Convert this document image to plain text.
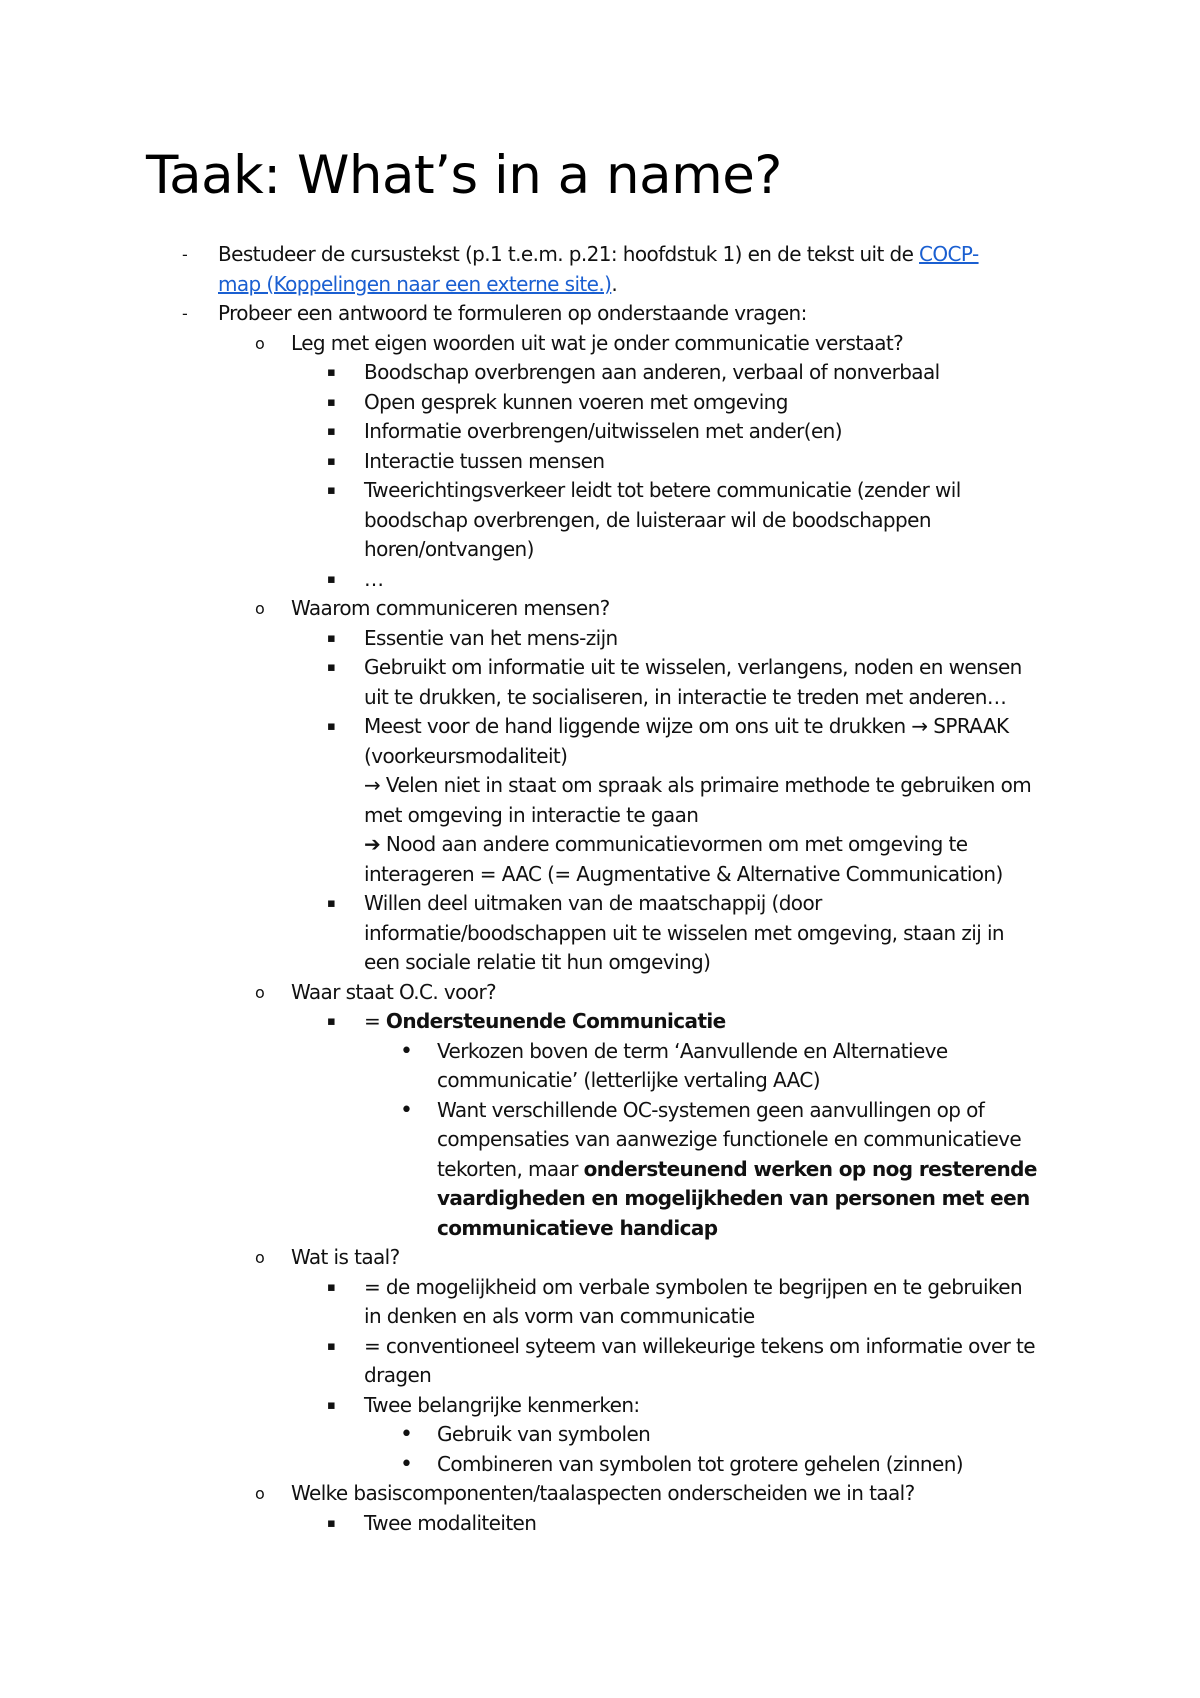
Taak: What’s in a name?
- Bestudeer de cursustekst (p.1 t.e.m. p.21: hoofdstuk 1) en de tekst uit de COCP-

map (Koppelingen naar een externe site.).

- Probeer een antwoord te formuleren op onderstaande vragen:

o Leg met eigen woorden uit wat je onder communicatie verstaat?

▪ Boodschap overbrengen aan anderen, verbaal of nonverbaal

▪ Open gesprek kunnen voeren met omgeving

▪ Informatie overbrengen/uitwisselen met ander(en)

▪ Interactie tussen mensen

▪ Tweerichtingsverkeer leidt tot betere communicatie (zender wil

boodschap overbrengen, de luisteraar wil de boodschappen

horen/ontvangen)

▪ …

o Waarom communiceren mensen?

▪ Essentie van het mens-zijn

▪ Gebruikt om informatie uit te wisselen, verlangens, noden en wensen

uit te drukken, te socialiseren, in interactie te treden met anderen…

▪ Meest voor de hand liggende wijze om ons uit te drukken → SPRAAK

(voorkeursmodaliteit)

→ Velen niet in staat om spraak als primaire methode te gebruiken om

met omgeving in interactie te gaan

➔ Nood aan andere communicatievormen om met omgeving te

interageren = AAC (= Augmentative & Alternative Communication)

▪ Willen deel uitmaken van de maatschappij (door

informatie/boodschappen uit te wisselen met omgeving, staan zij in

een sociale relatie tit hun omgeving)

o Waar staat O.C. voor?

▪ = Ondersteunende Communicatie

• Verkozen boven de term ‘Aanvullende en Alternatieve

communicatie’ (letterlijke vertaling AAC)

• Want verschillende OC-systemen geen aanvullingen op of

compensaties van aanwezige functionele en communicatieve

tekorten, maar ondersteunend werken op nog resterende

vaardigheden en mogelijkheden van personen met een

communicatieve handicap

o Wat is taal?

▪ = de mogelijkheid om verbale symbolen te begrijpen en te gebruiken

in denken en als vorm van communicatie

▪ = conventioneel syteem van willekeurige tekens om informatie over te

dragen

▪ Twee belangrijke kenmerken:

• Gebruik van symbolen

• Combineren van symbolen tot grotere gehelen (zinnen)

o Welke basiscomponenten/taalaspecten onderscheiden we in taal?

▪ Twee modaliteiten
